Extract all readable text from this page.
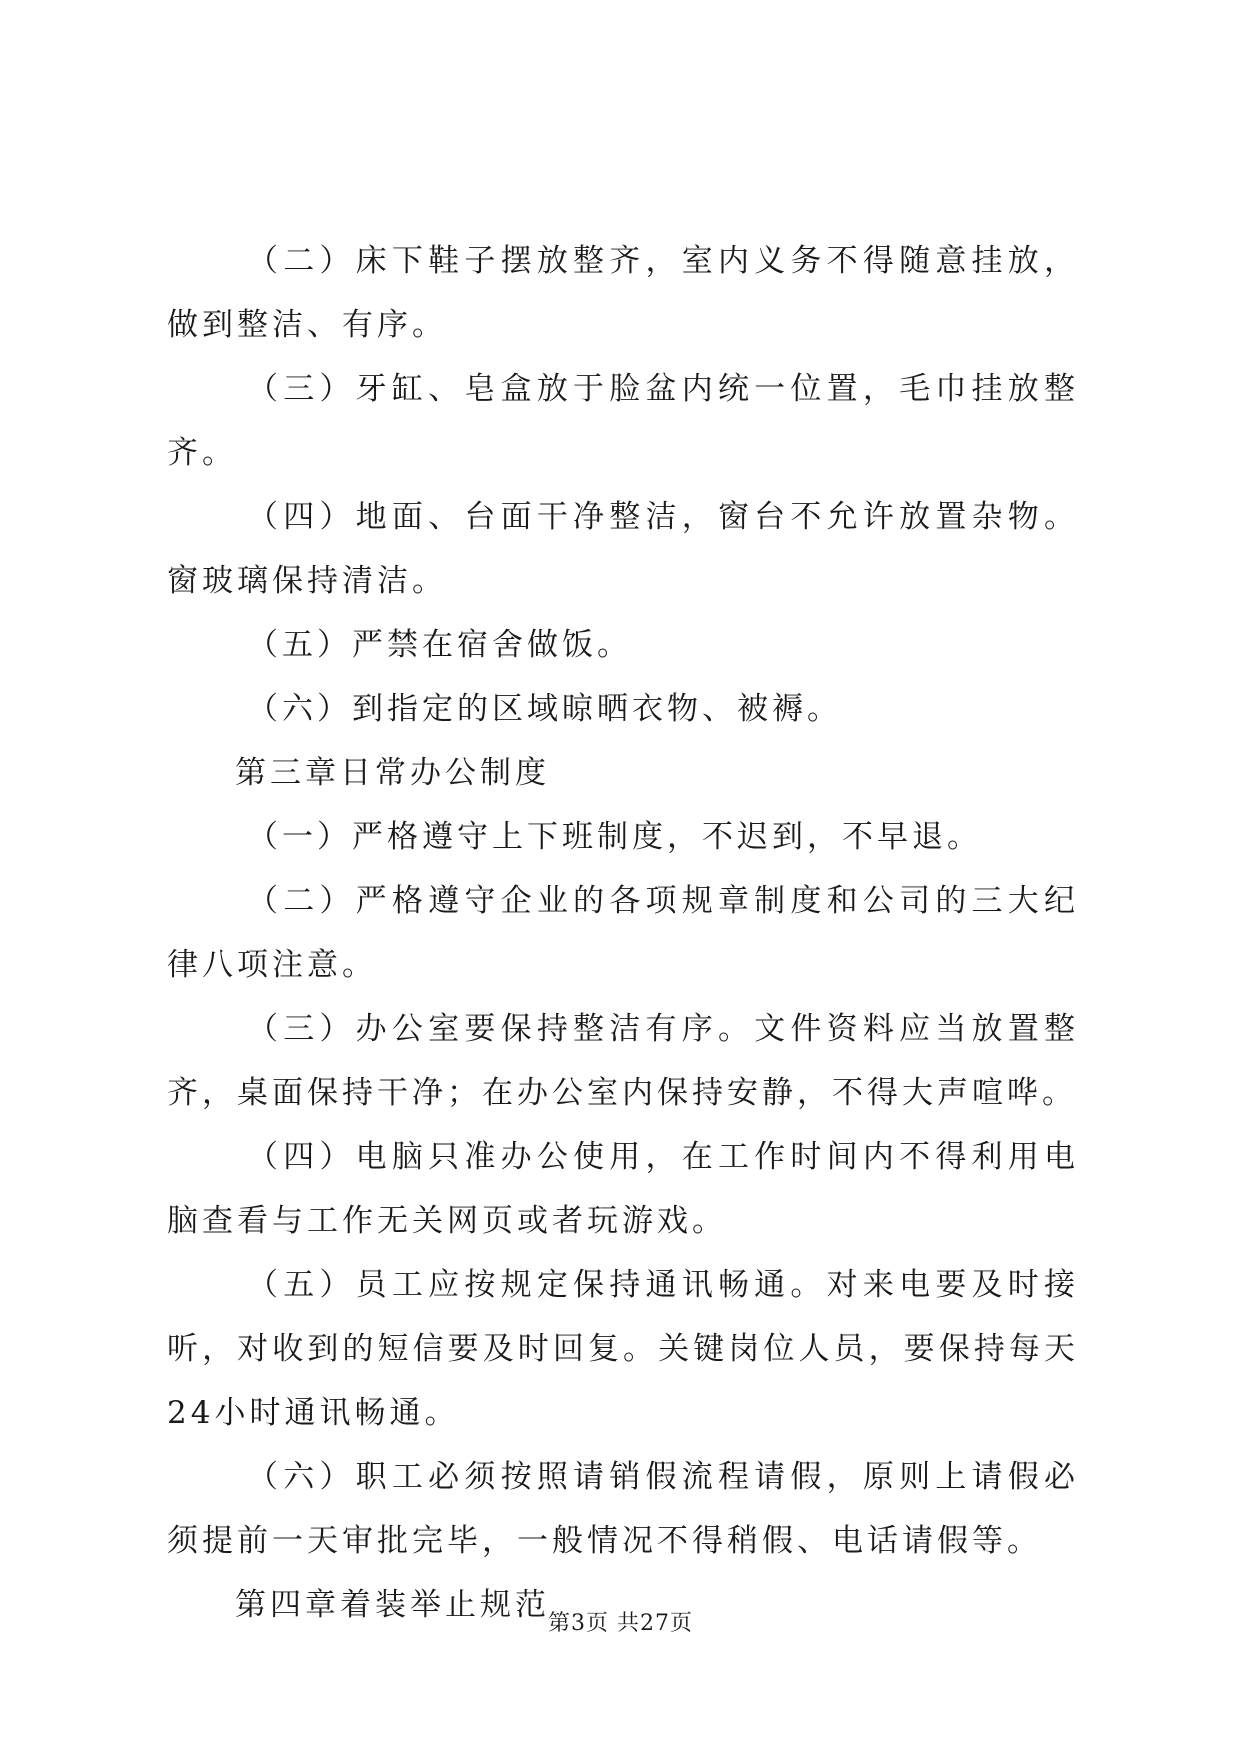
（二）床下鞋子摆放整齐，室内义务不得随意挂放，做到整洁、有序。

（三）牙缸、皂盒放于脸盆内统一位置，毛巾挂放整齐。

（四）地面、台面干净整洁，窗台不允许放置杂物。窗玻璃保持清洁。

（五）严禁在宿舍做饭。

（六）到指定的区域晾晒衣物、被褥。

第三章日常办公制度

（一）严格遵守上下班制度，不迟到，不早退。

（二）严格遵守企业的各项规章制度和公司的三大纪律八项注意。

（三）办公室要保持整洁有序。文件资料应当放置整齐，桌面保持干净；在办公室内保持安静，不得大声喧哗。

（四）电脑只准办公使用，在工作时间内不得利用电脑查看与工作无关网页或者玩游戏。

（五）员工应按规定保持通讯畅通。对来电要及时接听，对收到的短信要及时回复。关键岗位人员，要保持每天24小时通讯畅通。

（六）职工必须按照请销假流程请假，原则上请假必须提前一天审批完毕，一般情况不得稍假、电话请假等。

第四章着装举止规范

第3页 共27页
